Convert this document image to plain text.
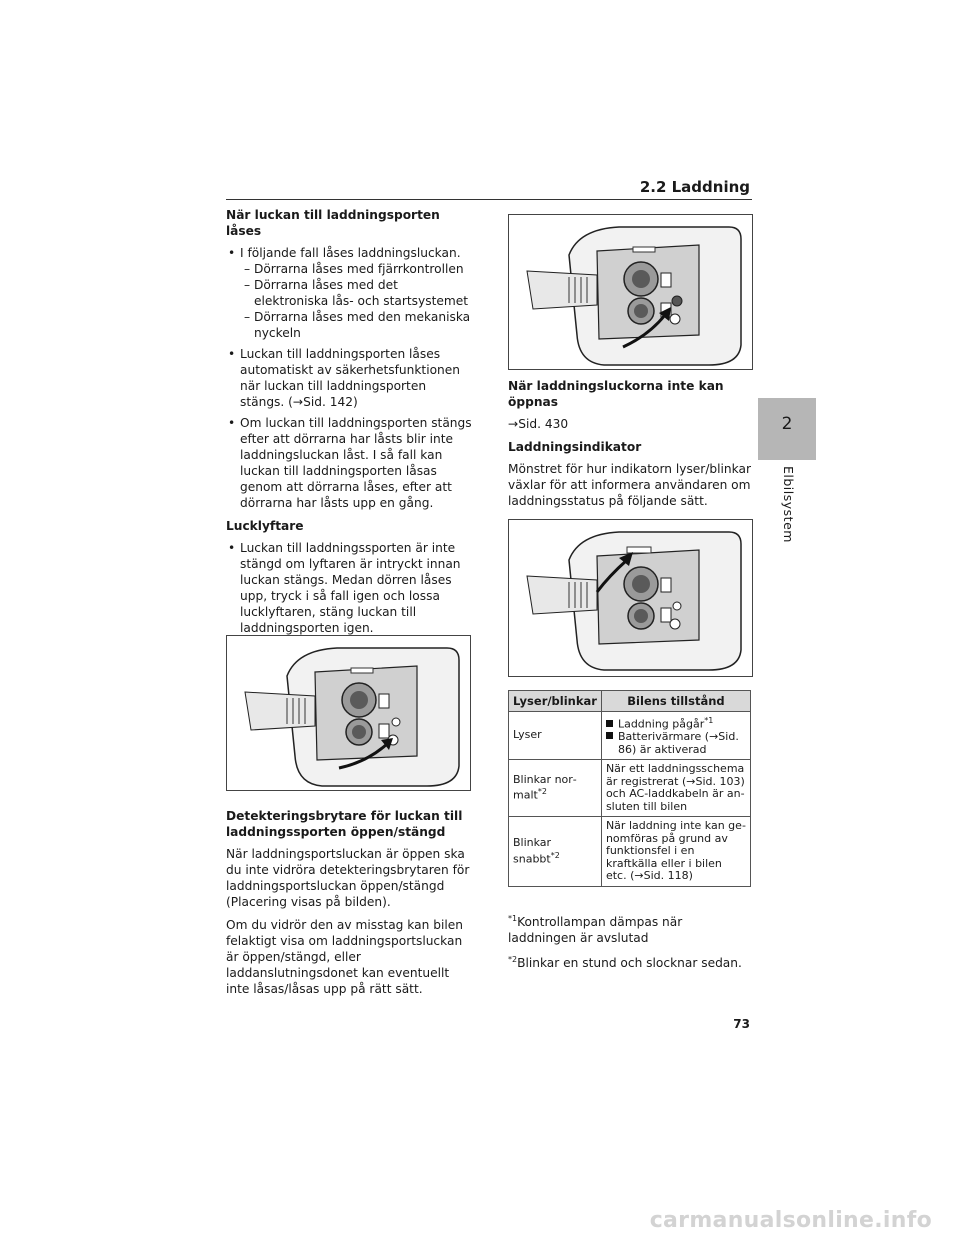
2.2 Laddning
2
Elbilsystem

När luckan till laddningsporten låses

• I följande fall låses laddningsluckan.
– Dörrarna låses med fjärrkontrollen
– Dörrarna låses med det elektroniska lås- och startsystemet
– Dörrarna låses med den mekaniska nyckeln
• Luckan till laddningsporten låses automatiskt av säkerhetsfunktionen när luckan till laddningsporten stängs. (→Sid. 142)
• Om luckan till laddningsporten stängs efter att dörrarna har låsts blir inte laddningsluckan låst. I så fall kan luckan till laddningsporten låsas genom att dörrarna låses, efter att dörrarna har låsts upp en gång.

Lucklyftare

• Luckan till laddningssporten är inte stängd om lyftaren är intryckt innan luckan stängs. Medan dörren låses upp, tryck i så fall igen och lossa lucklyftaren, stäng luckan till laddningsporten igen.

Detekteringsbrytare för luckan till laddningssporten öppen/stängd

När laddningsportsluckan är öppen ska du inte vidröra detekteringsbrytaren för laddningsportsluckan öppen/stängd (Placering visas på bilden).

Om du vidrör den av misstag kan bilen felaktigt visa om laddningsportsluckan är öppen/stängd, eller laddanslutningsdonet kan eventuellt inte låsas/låsas upp på rätt sätt.

När laddningsluckorna inte kan öppnas

→Sid. 430

Laddningsindikator

Mönstret för hur indikatorn lyser/blinkar växlar för att informera användaren om laddningsstatus på följande sätt.

Lyser/blinkar	Bilens tillstånd
Lyser	Laddning pågår$^{*1}$
Batterivärmare (→Sid. 86) är aktiverad

Blinkar normalt$^{*2}$	När ett laddningsschema är registrerat (→Sid. 103) och AC-laddkabeln är ansluten till bilen
Blinkar snabbt$^{*2}$	När laddning inte kan genomföras på grund av funktionsfel i en kraftkälla eller i bilen etc. (→Sid. 118)

$^{*1}$Kontrollampan dämpas när laddningen är avslutad

$^{*2}$Blinkar en stund och slocknar sedan.

73
carmanualsonline.info
